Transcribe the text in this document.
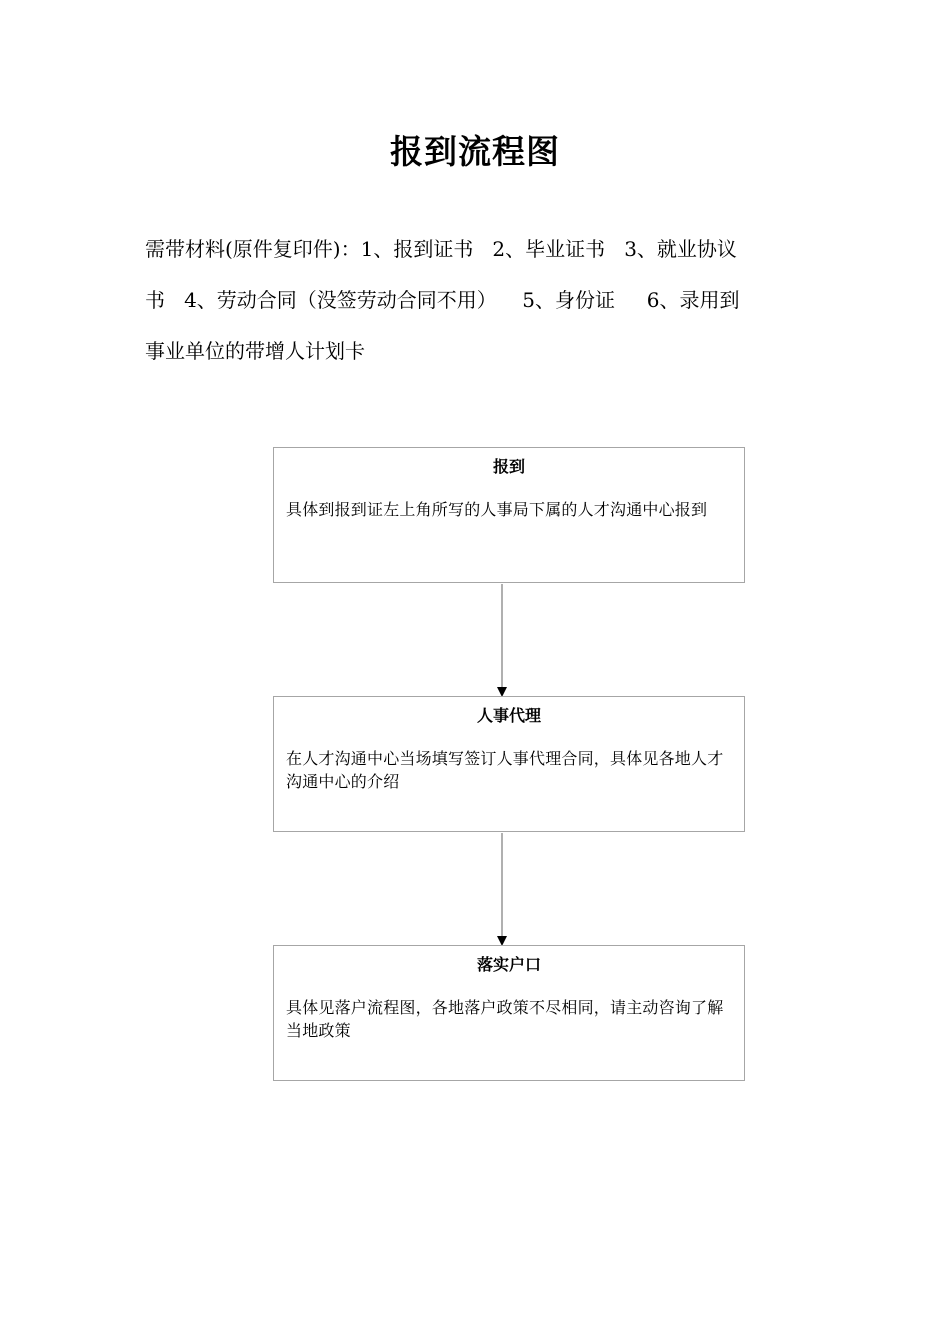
报到流程图

需带材料(原件复印件)：1、报到证书   2、毕业证书   3、就业协议

书   4、劳动合同（没签劳动合同不用）    5、身份证     6、录用到

事业单位的带增人计划卡

报到
具体到报到证左上角所写的人事局下属的人才沟通中心报到
人事代理
在人才沟通中心当场填写签订人事代理合同，具体见各地人才沟通中心的介绍
落实户口
具体见落户流程图，各地落户政策不尽相同，请主动咨询了解当地政策
